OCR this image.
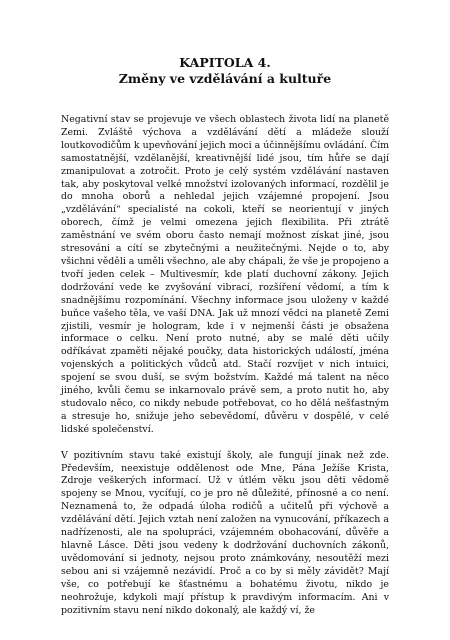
KAPITOLA 4.
Změny ve vzdělávání a kultuře

Negativní stav se projevuje ve všech oblastech života lidí na planetě Zemi. Zvláště výchova a vzdělávání dětí a mládeže slouží loutkovodičům k upevňování jejich moci a účinnějšímu ovládání. Čím samostatnější, vzdělanější, kreativnější lidé jsou, tím hůře se dají zmanipulovat a zotročit. Proto je celý systém vzdělávání nastaven tak, aby poskytoval velké množství izolovaných informací, rozdělil je do mnoha oborů a nehledal jejich vzájemné propojení. Jsou „vzdělávání“ specialisté na cokoli, kteří se neorientují v jiných oborech, čímž je velmi omezena jejich flexibilita. Při ztrátě zaměstnání ve svém oboru často nemají možnost získat jiné, jsou stresováni a cítí se zbytečnými a neužitečnými. Nejde o to, aby všichni věděli a uměli všechno, ale aby chápali, že vše je propojeno a tvoří jeden celek – Multivesmír, kde platí duchovní zákony. Jejich dodržování vede ke zvyšování vibrací, rozšíření vědomí, a tím k snadnějšímu rozpomínání. Všechny informace jsou uloženy v každé buňce vašeho těla, ve vaší DNA. Jak už mnozí vědci na planetě Zemi zjistili, vesmír je hologram, kde i v nejmenší části je obsažena informace o celku. Není proto nutné, aby se malé děti učily odříkávat zpaměti nějaké poučky, data historických událostí, jména vojenských a politických vůdců atd. Stačí rozvíjet v nich intuici, spojení se svou duší, se svým božstvím. Každé má talent na něco jiného, kvůli čemu se inkarnovalo právě sem, a proto nutit ho, aby studovalo něco, co nikdy nebude potřebovat, co ho dělá nešťastným a stresuje ho, snižuje jeho sebevědomí, důvěru v dospělé, v celé lidské společenství.

V pozitivním stavu také existují školy, ale fungují jinak než zde. Především, neexistuje oddělenost ode Mne, Pána Ježíše Krista, Zdroje veškerých informací. Už v útlém věku jsou děti vědomě spojeny se Mnou, vycíťují, co je pro ně důležité, přínosné a co není. Neznamená to, že odpadá úloha rodičů a učitelů při výchově a vzdělávání dětí. Jejich vztah není založen na vynucování, příkazech a nadřízenosti, ale na spolupráci, vzájemném obohacování, důvěře a hlavně Lásce. Děti jsou vedeny k dodržování duchovních zákonů, uvědomování si jednoty, nejsou proto známkovány, nesoutěží mezi sebou ani si vzájemně nezávidí. Proč a co by si měly závidět? Mají vše, co potřebují ke šťastnému a bohatému životu, nikdo je neohrožuje, kdykoli mají přístup k pravdivým informacím. Ani v pozitivním stavu není nikdo dokonalý, ale každý ví, že
